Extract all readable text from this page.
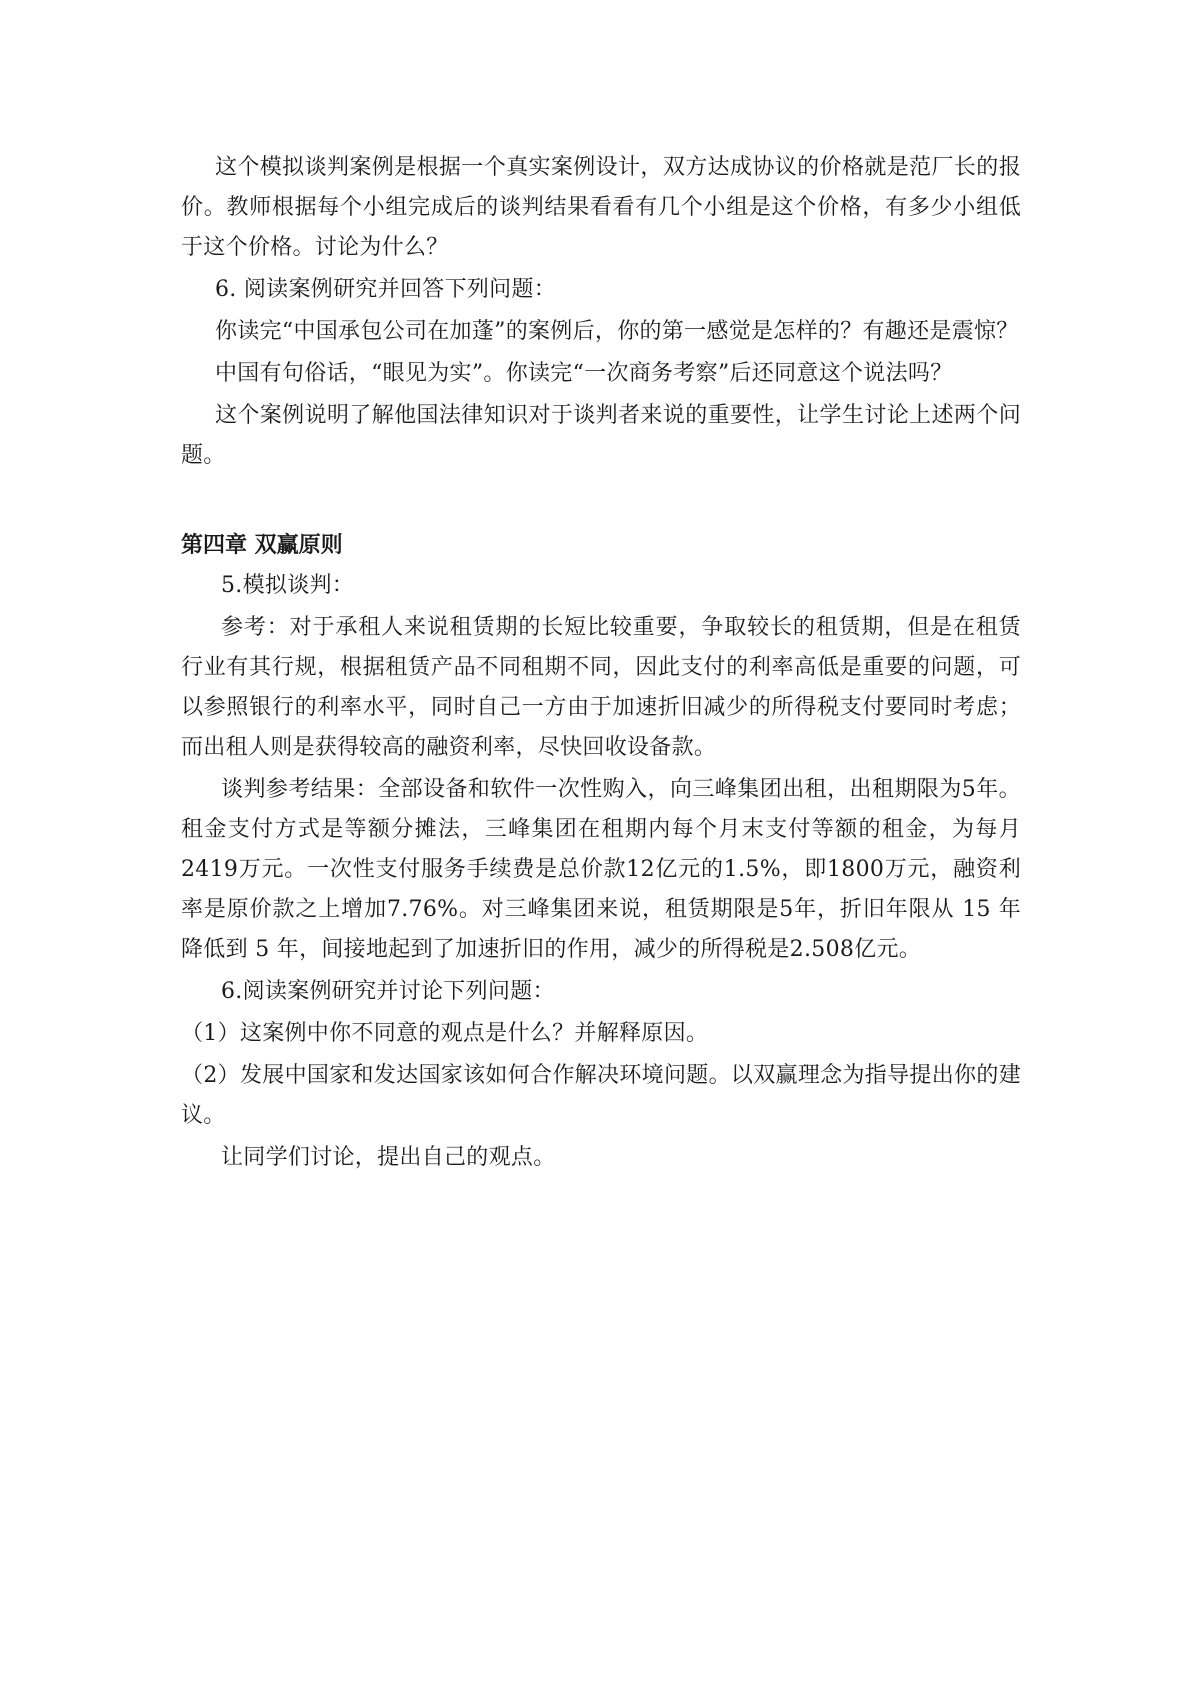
这个模拟谈判案例是根据一个真实案例设计，双方达成协议的价格就是范厂长的报价。教师根据每个小组完成后的谈判结果看看有几个小组是这个价格，有多少小组低于这个价格。讨论为什么？

6. 阅读案例研究并回答下列问题：

你读完“中国承包公司在加蓬”的案例后，你的第一感觉是怎样的？有趣还是震惊？

中国有句俗话，“眼见为实”。你读完“一次商务考察”后还同意这个说法吗？

这个案例说明了解他国法律知识对于谈判者来说的重要性，让学生讨论上述两个问题。

第四章 双赢原则

5.模拟谈判：

参考：对于承租人来说租赁期的长短比较重要，争取较长的租赁期，但是在租赁行业有其行规，根据租赁产品不同租期不同，因此支付的利率高低是重要的问题，可以参照银行的利率水平，同时自己一方由于加速折旧减少的所得税支付要同时考虑；而出租人则是获得较高的融资利率，尽快回收设备款。

谈判参考结果：全部设备和软件一次性购入，向三峰集团出租，出租期限为5年。租金支付方式是等额分摊法，三峰集团在租期内每个月末支付等额的租金，为每月2419万元。一次性支付服务手续费是总价款12亿元的1.5%，即1800万元，融资利率是原价款之上增加7.76%。对三峰集团来说，租赁期限是5年，折旧年限从 15 年降低到 5 年，间接地起到了加速折旧的作用，减少的所得税是2.508亿元。

6.阅读案例研究并讨论下列问题：

（1）这案例中你不同意的观点是什么？并解释原因。

（2）发展中国家和发达国家该如何合作解决环境问题。以双赢理念为指导提出你的建议。

让同学们讨论，提出自己的观点。
